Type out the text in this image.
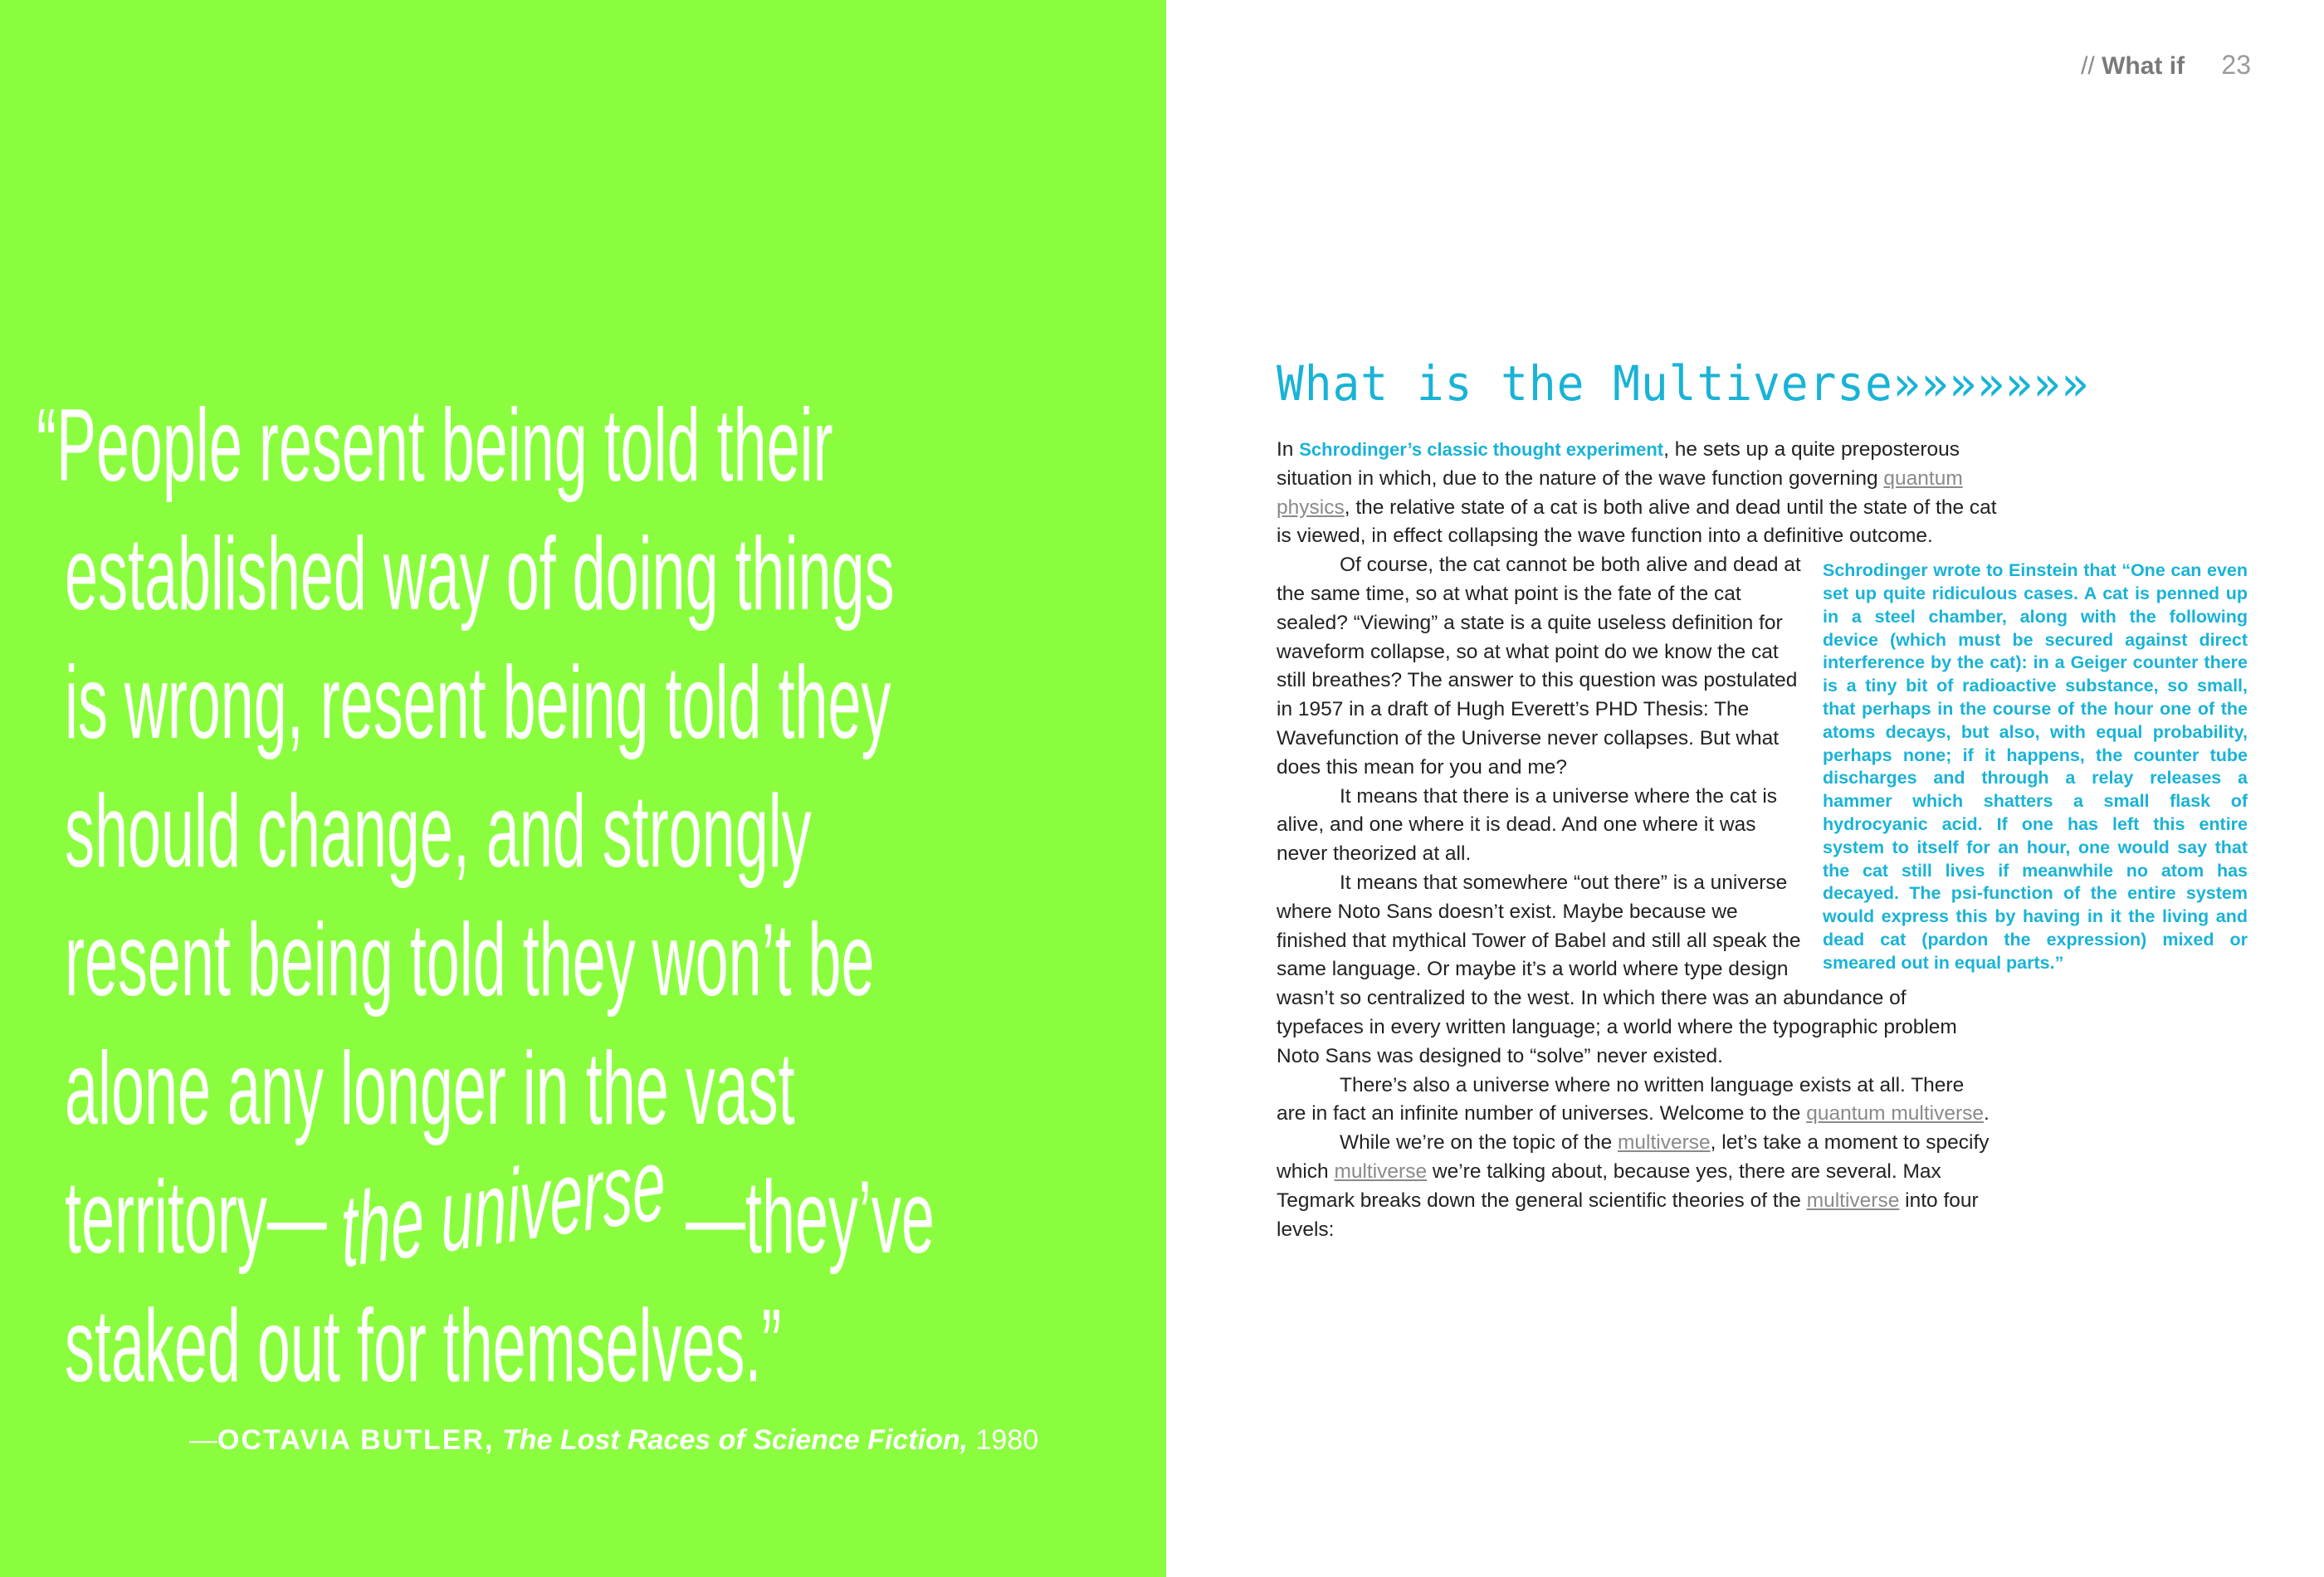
“People resent being told their
established way of doing things
is wrong, resent being told they
should change, and strongly
resent being told they won’t be
alone any longer in the vast
territory— the universe —they’ve
staked out for themselves.”
—OCTAVIA BUTLER, The Lost Races of Science Fiction, 1980
// What if 23
What is the Multiverse»»»»»»»

In Schrodinger’s classic thought experiment, he sets up a quite preposterous situation in which, due to the nature of the wave function governing quantum physics, the relative state of a cat is both alive and dead until the state of the cat is viewed, in effect collapsing the wave function into a definitive outcome.

Schrodinger wrote to Einstein that “One can even set up quite ridiculous cases. A cat is penned up in a steel chamber, along with the following device (which must be secured against direct interference by the cat): in a Geiger counter there is a tiny bit of radioactive substance, so small, that perhaps in the course of the hour one of the atoms decays, but also, with equal probability, perhaps none; if it happens, the counter tube discharges and through a relay releases a hammer which shatters a small flask of hydrocyanic acid. If one has left this entire system to itself for an hour, one would say that the cat still lives if meanwhile no atom has decayed. The psi-function of the entire system would express this by having in it the living and dead cat (pardon the expression) mixed or smeared out in equal parts.”

Of course, the cat cannot be both alive and dead at the same time, so at what point is the fate of the cat sealed? “Viewing” a state is a quite useless definition for waveform collapse, so at what point do we know the cat still breathes? The answer to this question was postulated in 1957 in a draft of Hugh Everett’s PHD Thesis: The Wavefunction of the Universe never collapses. But what does this mean for you and me?

It means that there is a universe where the cat is alive, and one where it is dead. And one where it was never theorized at all.

It means that somewhere “out there” is a universe where Noto Sans doesn’t exist. Maybe because we finished that mythical Tower of Babel and still all speak the same language. Or maybe it’s a world where type design wasn’t so centralized to the west. In which there was an abundance of typefaces in every written language; a world where the typographic problem Noto Sans was designed to “solve” never existed.

There’s also a universe where no written language exists at all. There are in fact an infinite number of universes. Welcome to the quantum multiverse.

While we’re on the topic of the multiverse, let’s take a moment to specify which multiverse we’re talking about, because yes, there are several. Max Tegmark breaks down the general scientific theories of the multiverse into four levels:
